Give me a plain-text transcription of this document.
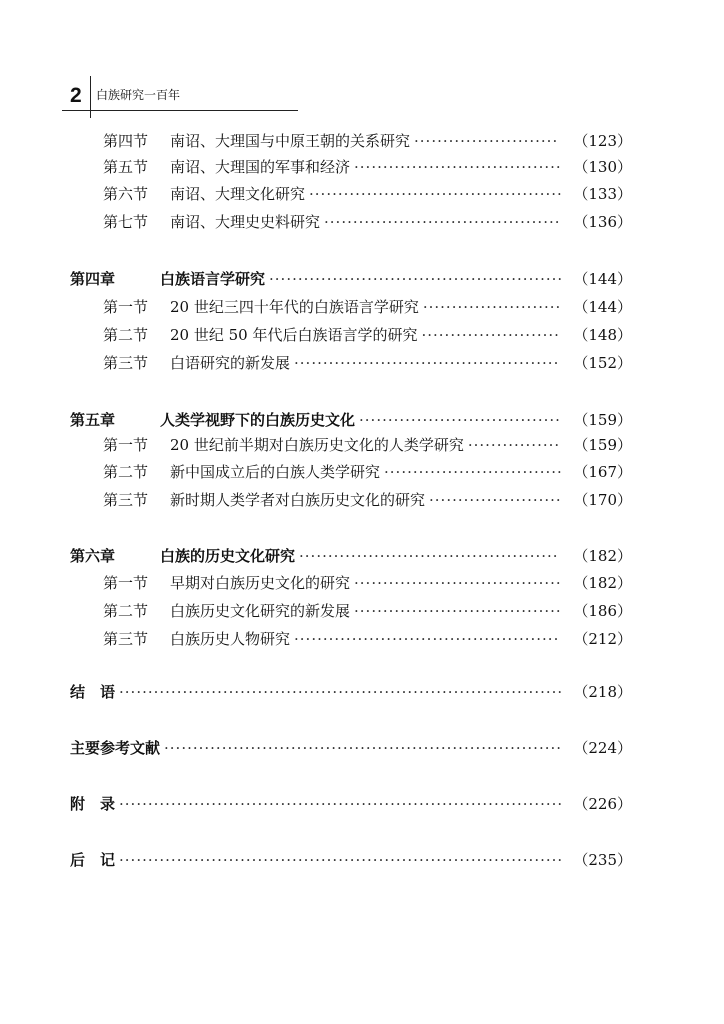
2 白族研究一百年
第四节	南诏、大理国与中原王朝的关系研究 ························· （123）
第五节	南诏、大理国的军事和经济 ···································· （130）
第六节	南诏、大理文化研究 ············································ （133）
第七节	南诏、大理史史料研究 ········································· （136）
第四章	白族语言学研究 ··················································· （144）
第一节	20 世纪三四十年代的白族语言学研究 ························ （144）
第二节	20 世纪 50 年代后白族语言学的研究 ························ （148）
第三节	白语研究的新发展 ·············································· （152）
第五章	人类学视野下的白族历史文化 ··································· （159）
第一节	20 世纪前半期对白族历史文化的人类学研究 ················ （159）
第二节	新中国成立后的白族人类学研究 ······························· （167）
第三节	新时期人类学者对白族历史文化的研究 ······················· （170）
第六章	白族的历史文化研究 ············································· （182）
第一节	早期对白族历史文化的研究 ···································· （182）
第二节	白族历史文化研究的新发展 ···································· （186）
第三节	白族历史人物研究 ·············································· （212）
结　语 ············································································· （218）
主要参考文献 ····································································· （224）
附　录 ············································································· （226）
后　记 ············································································· （235）
